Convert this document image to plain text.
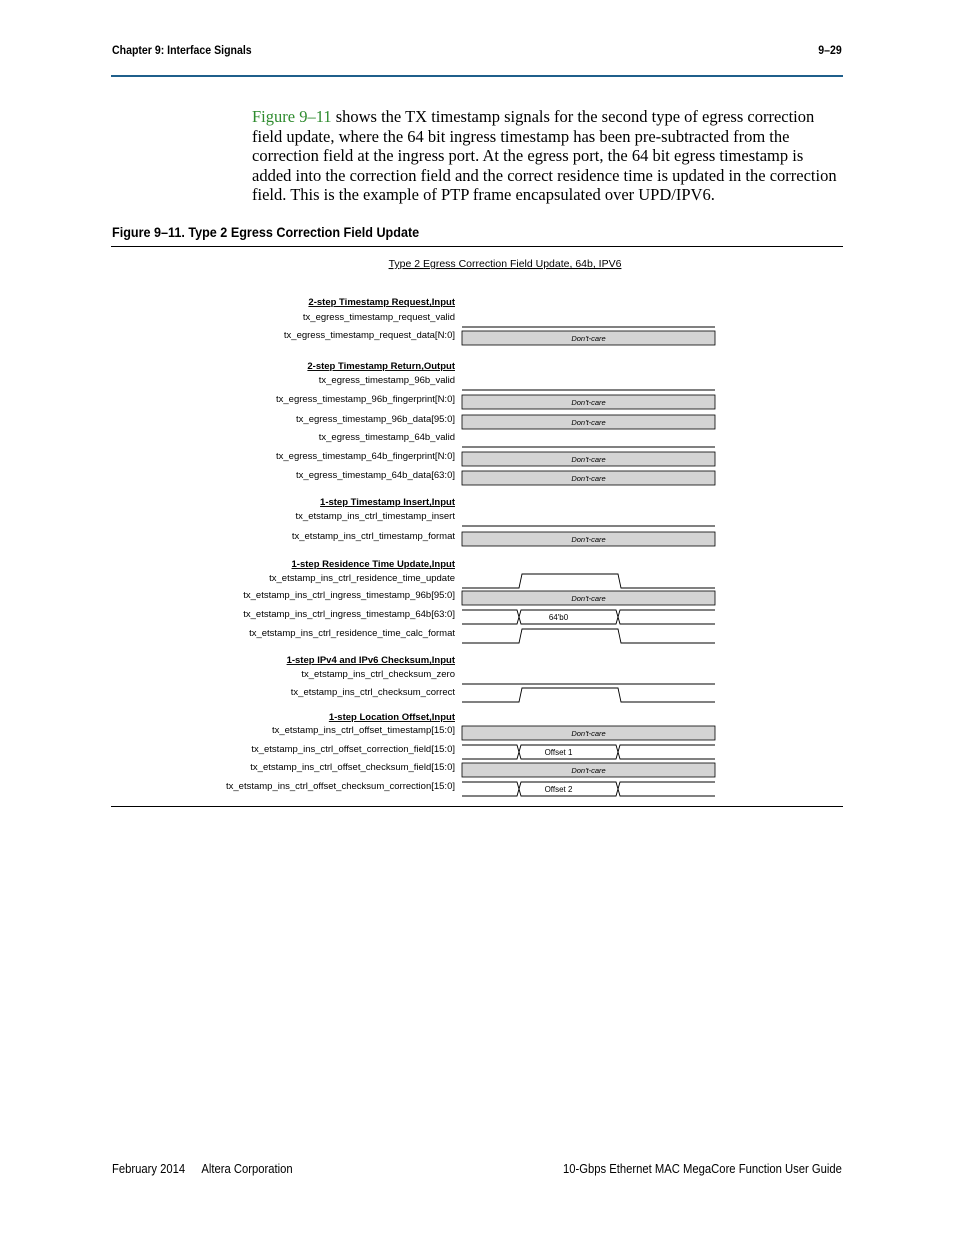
Chapter 9: Interface Signals	9–29
Figure 9–11 shows the TX timestamp signals for the second type of egress correction field update, where the 64 bit ingress timestamp has been pre-subtracted from the correction field at the ingress port. At the egress port, the 64 bit egress timestamp is added into the correction field and the correct residence time is updated in the correction field. This is the example of PTP frame encapsulated over UPD/IPV6.
Figure 9–11. Type 2 Egress Correction Field Update
Type 2 Egress Correction Field Update, 64b, IPV6
2-step Timestamp Request,Input
tx_egress_timestamp_request_valid
tx_egress_timestamp_request_data[N:0]	Don't-care
2-step Timestamp Return,Output
tx_egress_timestamp_96b_valid
tx_egress_timestamp_96b_fingerprint[N:0]	Don't-care
tx_egress_timestamp_96b_data[95:0]	Don't-care
tx_egress_timestamp_64b_valid
tx_egress_timestamp_64b_fingerprint[N:0]	Don't-care
tx_egress_timestamp_64b_data[63:0]	Don't-care
1-step Timestamp Insert,Input
tx_etstamp_ins_ctrl_timestamp_insert
tx_etstamp_ins_ctrl_timestamp_format	Don't-care
1-step Residence Time Update,Input
tx_etstamp_ins_ctrl_residence_time_update
tx_etstamp_ins_ctrl_ingress_timestamp_96b[95:0]	Don't-care
tx_etstamp_ins_ctrl_ingress_timestamp_64b[63:0]	64'b0
tx_etstamp_ins_ctrl_residence_time_calc_format
1-step IPv4 and IPv6 Checksum,Input
tx_etstamp_ins_ctrl_checksum_zero
tx_etstamp_ins_ctrl_checksum_correct
1-step Location Offset,Input
tx_etstamp_ins_ctrl_offset_timestamp[15:0]	Don't-care
tx_etstamp_ins_ctrl_offset_correction_field[15:0]	Offset 1
tx_etstamp_ins_ctrl_offset_checksum_field[15:0]	Don't-care
tx_etstamp_ins_ctrl_offset_checksum_correction[15:0]	Offset 2
February 2014 Altera Corporation	10-Gbps Ethernet MAC MegaCore Function User Guide
